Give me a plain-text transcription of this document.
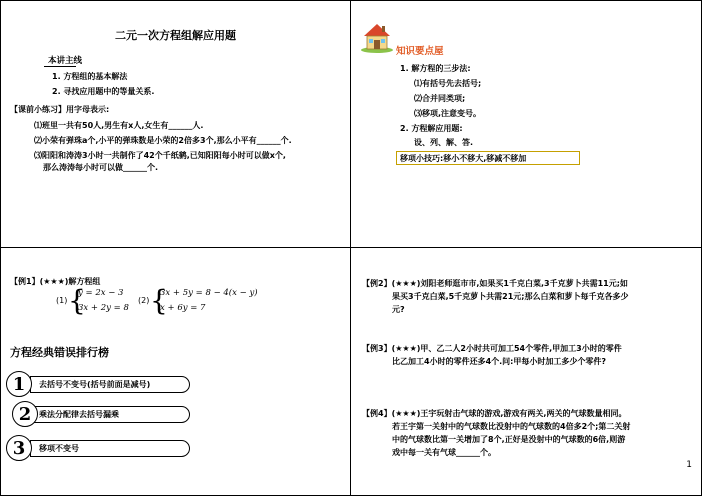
二元一次方程组解应用题
本讲主线
1. 方程组的基本解法
2. 寻找应用题中的等量关系.
【课前小练习】用字母表示:
⑴班里一共有50人,男生有x人,女生有______人.
⑵小荣有弹珠a个,小平的弹珠数是小荣的2倍多3个,那么小平有______个.
⑶阳阳和涛涛3小时一共制作了42个千纸鹤,已知阳阳每小时可以做x个,
那么涛涛每小时可以做______个.
知识要点屋
1. 解方程的三步法:
⑴有括号先去括号;
⑵合并同类项;
⑶移项,注意变号。
2. 方程解应用题:
设、列、解、答.
移项小技巧:移小不移大,移减不移加
【例1】(★★★)解方程组
(1) {
y = 2x − 3
3x + 2y = 8
(2) {
3x + 5y = 8 − 4(x − y)
x + 6y = 7
方程经典错误排行榜
去括号不变号(括号前面是减号)
1
乘法分配律去括号漏乘
2
移项不变号
3
【例2】(★★★)刘阳老师逛市市,如果买1千克白菜,3千克萝卜共需11元;如
果买3千克白菜,5千克萝卜共需21元;那么白菜和萝卜每千克各多少
元?
【例3】(★★★)甲、乙二人2小时共可加工54个零件,甲加工3小时的零件
比乙加工4小时的零件还多4个.问:甲每小时加工多少个零件?
【例4】(★★★)王宇玩射击气球的游戏,游戏有两关,两关的气球数量相同。
若王宇第一关射中的气球数比没射中的气球数的4倍多2个;第二关射
中的气球数比第一关增加了8个,正好是没射中的气球数的6倍,则游
戏中每一关有气球______个。
1
